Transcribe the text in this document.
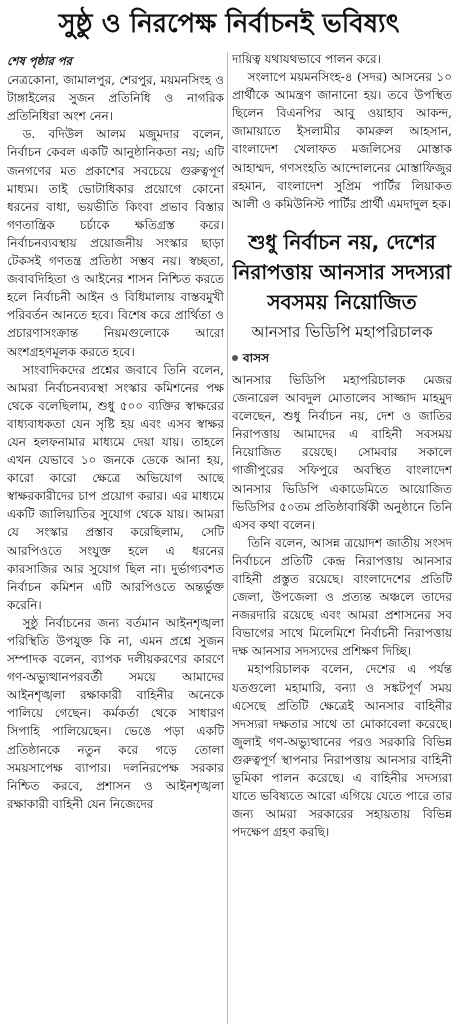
সুষ্ঠু ও নিরপেক্ষ নির্বাচনই ভবিষ্যৎ

শেষ পৃষ্ঠার পর

নেত্রকোনা, জামালপুর, শেরপুর, ময়মনসিংহ ও টাঙ্গাইলের সুজন প্রতিনিধি ও নাগরিক প্রতিনিধিরা অংশ নেন।

ড. বদিউল আলম মজুমদার বলেন, নির্বাচন কেবল একটি আনুষ্ঠানিকতা নয়; এটি জনগণের মত প্রকাশের সবচেয়ে গুরুত্বপূর্ণ মাধ্যম। তাই ভোটাধিকার প্রয়োগে কোনো ধরনের বাধা, ভয়ভীতি কিংবা প্রভাব বিস্তার গণতান্ত্রিক চর্চাকে ক্ষতিগ্রস্ত করে। নির্বাচনব্যবস্থায় প্রয়োজনীয় সংস্কার ছাড়া টেকসই গণতন্ত্র প্রতিষ্ঠা সম্ভব নয়। স্বচ্ছতা, জবাবদিহিতা ও আইনের শাসন নিশ্চিত করতে হলে নির্বাচনী আইন ও বিধিমালায় বাস্তবমুখী পরিবর্তন আনতে হবে। বিশেষ করে প্রার্থিতা ও প্রচারণাসংক্রান্ত নিয়মগুলোকে আরো অংশগ্রহণমূলক করতে হবে।

সাংবাদিকদের প্রশ্নের জবাবে তিনি বলেন, আমরা নির্বাচনব্যবস্থা সংস্কার কমিশনের পক্ষ থেকে বলেছিলাম, শুধু ৫০০ ব্যক্তির স্বাক্ষরের বাধ্যবাধকতা যেন সৃষ্টি হয় এবং এসব স্বাক্ষর যেন হলফনামার মাধ্যমে দেয়া যায়। তাহলে এখন যেভাবে ১০ জনকে ডেকে আনা হয়, কারো কারো ক্ষেত্রে অভিযোগ আছে স্বাক্ষরকারীদের চাপ প্রয়োগ করার। এর মাধ্যমে একটি জালিয়াতির সুযোগ থেকে যায়। আমরা যে সংস্কার প্রস্তাব করেছিলাম, সেটি আরপিওতে সংযুক্ত হলে এ ধরনের কারসাজির আর সুযোগ ছিল না। দুর্ভাগ্যবশত নির্বাচন কমিশন এটি আরপিওতে অন্তর্ভুক্ত করেনি।

সুষ্ঠু নির্বাচনের জন্য বর্তমান আইনশৃঙ্খলা পরিস্থিতি উপযুক্ত কি না, এমন প্রশ্নে সুজন সম্পাদক বলেন, ব্যাপক দলীয়করণের কারণে গণ-অভ্যুত্থানপরবর্তী সময়ে আমাদের আইনশৃঙ্খলা রক্ষাকারী বাহিনীর অনেকে পালিয়ে গেছেন। কর্মকর্তা থেকে সাধারণ সিপাহি পালিয়েছেন। ভেঙে পড়া একটি প্রতিষ্ঠানকে নতুন করে গড়ে তোলা সময়সাপেক্ষ ব্যাপার। দলনিরপেক্ষ সরকার নিশ্চিত করবে, প্রশাসন ও আইনশৃঙ্খলা রক্ষাকারী বাহিনী যেন নিজেদের

দায়িত্ব যথাযথভাবে পালন করে।

সংলাপে ময়মনসিংহ-৪ (সদর) আসনের ১০ প্রার্থীকে আমন্ত্রণ জানানো হয়। তবে উপস্থিত ছিলেন বিএনপির আবু ওয়াহাব আকন্দ, জামায়াতে ইসলামীর কামরুল আহসান, বাংলাদেশ খেলাফত মজলিসের মোস্তাক আহাম্মদ, গণসংহতি আন্দোলনের মোস্তাফিজুর রহমান, বাংলাদেশ সুপ্রিম পার্টির লিয়াকত আলী ও কমিউনিস্ট পার্টির প্রার্থী এমদাদুল হক।

শুধু নির্বাচন নয়, দেশের
নিরাপত্তায় আনসার সদস্যরা
সবসময় নিয়োজিত
আনসার ভিডিপি মহাপরিচালক
বাসস

আনসার ভিডিপি মহাপরিচালক মেজর জেনারেল আবদুল মোতালেব সাজ্জাদ মাহমুদ বলেছেন, শুধু নির্বাচন নয়, দেশ ও জাতির নিরাপত্তায় আমাদের এ বাহিনী সবসময় নিয়োজিত রয়েছে। সোমবার সকালে গাজীপুরের সফিপুরে অবস্থিত বাংলাদেশ আনসার ভিডিপি একাডেমিতে আয়োজিত ভিডিপির ৫০তম প্রতিষ্ঠাবার্ষিকী অনুষ্ঠানে তিনি এসব কথা বলেন।

তিনি বলেন, আসন্ন ত্রয়োদশ জাতীয় সংসদ নির্বাচনে প্রতিটি কেন্দ্র নিরাপত্তায় আনসার বাহিনী প্রস্তুত রয়েছে। বাংলাদেশের প্রতিটি জেলা, উপজেলা ও প্রত্যন্ত অঞ্চলে তাদের নজরদারি রয়েছে এবং আমরা প্রশাসনের সব বিভাগের সাথে মিলেমিশে নির্বাচনী নিরাপত্তায় দক্ষ আনসার সদস্যদের প্রশিক্ষণ দিচ্ছি।

মহাপরিচালক বলেন, দেশের এ পর্যন্ত যতগুলো মহামারি, বন্যা ও সঙ্কটপূর্ণ সময় এসেছে প্রতিটি ক্ষেত্রেই আনসার বাহিনীর সদস্যরা দক্ষতার সাথে তা মোকাবেলা করেছে। জুলাই গণ-অভ্যুত্থানের পরও সরকারি বিভিন্ন গুরুত্বপূর্ণ স্থাপনার নিরাপত্তায় আনসার বাহিনী ভূমিকা পালন করেছে। এ বাহিনীর সদস্যরা যাতে ভবিষ্যতে আরো এগিয়ে যেতে পারে তার জন্য আমরা সরকারের সহায়তায় বিভিন্ন পদক্ষেপ গ্রহণ করছি।
